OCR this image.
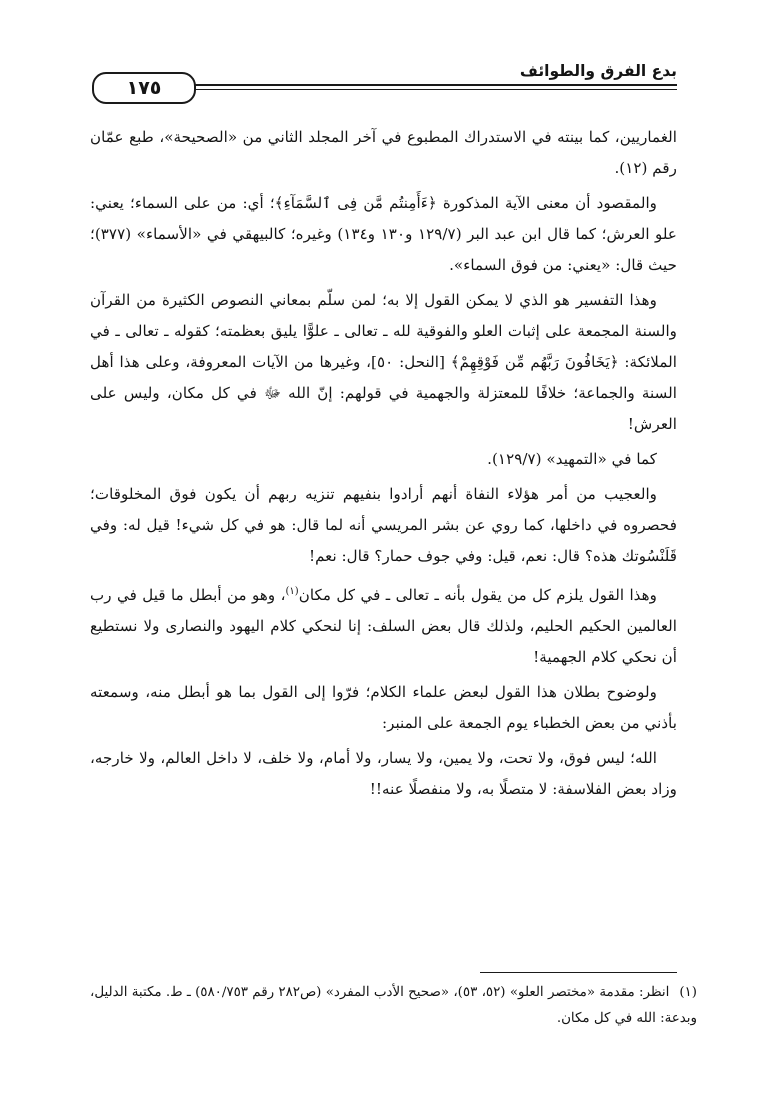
بدع الفرق والطوائف
١٧٥

الغماريين، كما بينته في الاستدراك المطبوع في آخر المجلد الثاني من «الصحيحة»، طبع عمّان رقم (١٢).

والمقصود أن معنى الآية المذكورة ﴿ءَأَمِنتُم مَّن فِى ٱلسَّمَآءِ﴾؛ أي: من على السماء؛ يعني: علو العرش؛ كما قال ابن عبد البر (١٢٩/٧ و١٣٠ و١٣٤) وغيره؛ كالبيهقي في «الأسماء» (٣٧٧)؛ حيث قال: «يعني: من فوق السماء».

وهذا التفسير هو الذي لا يمكن القول إلا به؛ لمن سلّم بمعاني النصوص الكثيرة من القرآن والسنة المجمعة على إثبات العلو والفوقية لله ـ تعالى ـ علوًّا يليق بعظمته؛ كقوله ـ تعالى ـ في الملائكة: ﴿يَخَافُونَ رَبَّهُم مِّن فَوْقِهِمْ﴾ [النحل: ٥٠]، وغيرها من الآيات المعروفة، وعلى هذا أهل السنة والجماعة؛ خلافًا للمعتزلة والجهمية في قولهم: إنّ الله ﷻ في كل مكان، وليس على العرش!

كما في «التمهيد» (١٢٩/٧).

والعجيب من أمر هؤلاء النفاة أنهم أرادوا بنفيهم تنزيه ربهم أن يكون فوق المخلوقات؛ فحصروه في داخلها، كما روي عن بشر المريسي أنه لما قال: هو في كل شيء! قيل له: وفي قَلَنْسُوتك هذه؟ قال: نعم، قيل: وفي جوف حمار؟ قال: نعم!

وهذا القول يلزم كل من يقول بأنه ـ تعالى ـ في كل مكان$^{(١)}$، وهو من أبطل ما قيل في رب العالمين الحكيم الحليم، ولذلك قال بعض السلف: إنا لنحكي كلام اليهود والنصارى ولا نستطيع أن نحكي كلام الجهمية!

ولوضوح بطلان هذا القول لبعض علماء الكلام؛ فرّوا إلى القول بما هو أبطل منه، وسمعته بأذني من بعض الخطباء يوم الجمعة على المنبر:

الله؛ ليس فوق، ولا تحت، ولا يمين، ولا يسار، ولا أمام، ولا خلف، لا داخل العالم، ولا خارجه، وزاد بعض الفلاسفة: لا متصلًا به، ولا منفصلًا عنه!!

(١)انظر: مقدمة «مختصر العلو» (٥٢، ٥٣)، «صحيح الأدب المفرد» (ص٢٨٢ رقم ٥٨٠/٧٥٣) ـ ط. مكتبة الدليل، وبدعة: الله في كل مكان.
